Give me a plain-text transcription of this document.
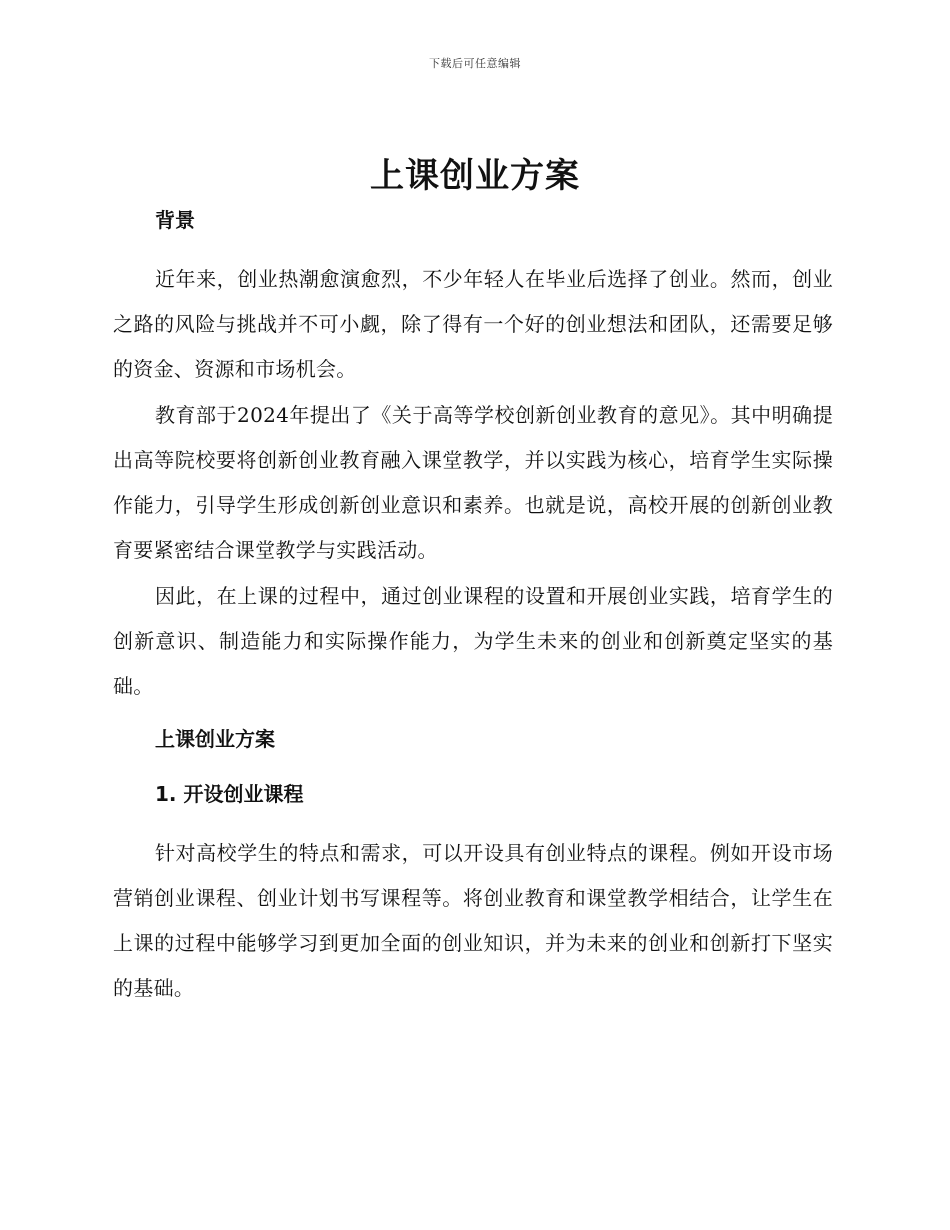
下载后可任意编辑
上课创业方案

背景

近年来，创业热潮愈演愈烈，不少年轻人在毕业后选择了创业。然而，创业之路的风险与挑战并不可小觑，除了得有一个好的创业想法和团队，还需要足够的资金、资源和市场机会。

教育部于2024年提出了《关于高等学校创新创业教育的意见》。其中明确提出高等院校要将创新创业教育融入课堂教学，并以实践为核心，培育学生实际操作能力，引导学生形成创新创业意识和素养。也就是说，高校开展的创新创业教育要紧密结合课堂教学与实践活动。

因此，在上课的过程中，通过创业课程的设置和开展创业实践，培育学生的创新意识、制造能力和实际操作能力，为学生未来的创业和创新奠定坚实的基础。

上课创业方案

1. 开设创业课程

针对高校学生的特点和需求，可以开设具有创业特点的课程。例如开设市场营销创业课程、创业计划书写课程等。将创业教育和课堂教学相结合，让学生在上课的过程中能够学习到更加全面的创业知识，并为未来的创业和创新打下坚实的基础。
